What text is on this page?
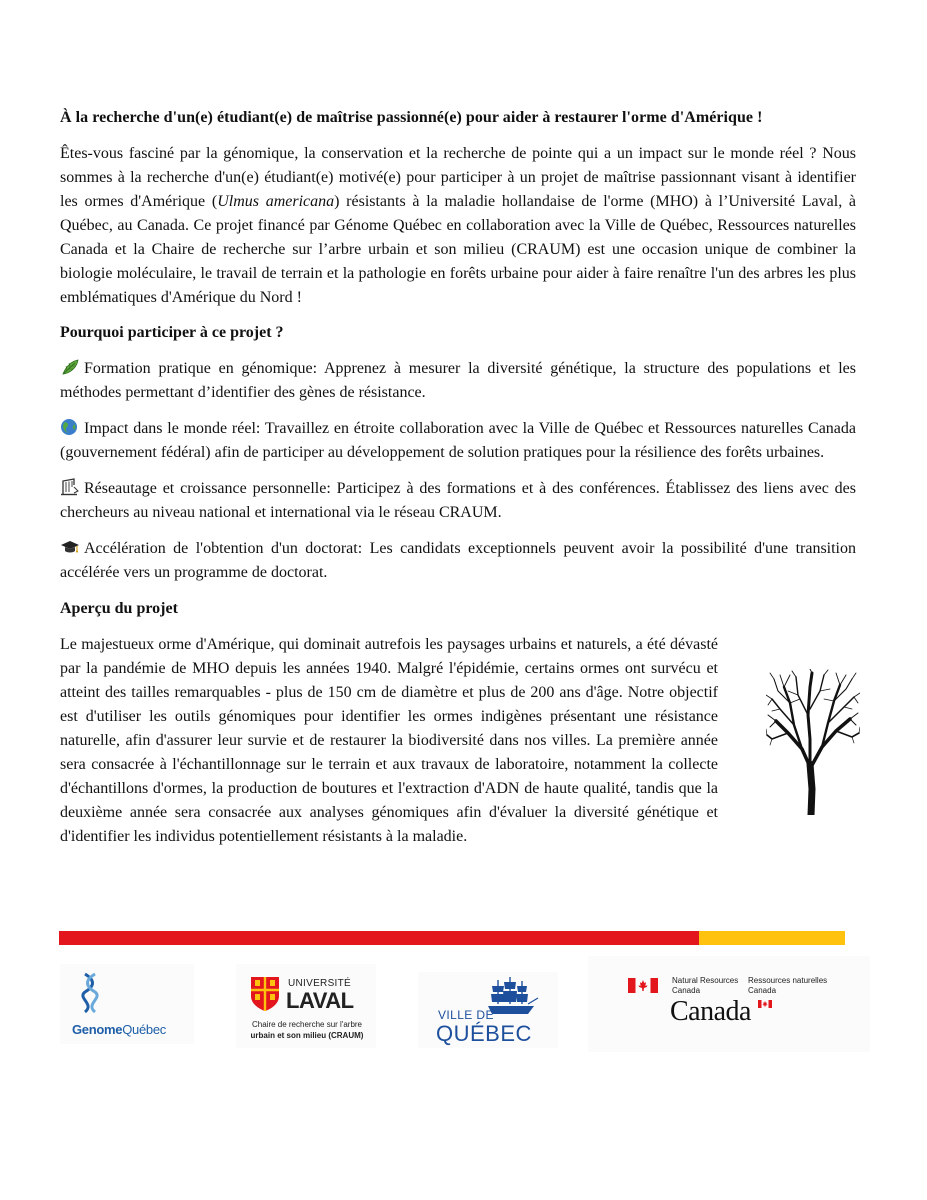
À la recherche d'un(e) étudiant(e) de maîtrise passionné(e) pour aider à restaurer l'orme d'Amérique !

Êtes-vous fasciné par la génomique, la conservation et la recherche de pointe qui a un impact sur le monde réel ? Nous sommes à la recherche d'un(e) étudiant(e) motivé(e) pour participer à un projet de maîtrise passionnant visant à identifier les ormes d'Amérique (Ulmus americana) résistants à la maladie hollandaise de l'orme (MHO) à l’Université Laval, à Québec, au Canada. Ce projet financé par Génome Québec en collaboration avec la Ville de Québec, Ressources naturelles Canada et la Chaire de recherche sur l’arbre urbain et son milieu (CRAUM) est une occasion unique de combiner la biologie moléculaire, le travail de terrain et la pathologie en forêts urbaine pour aider à faire renaître l'un des arbres les plus emblématiques d'Amérique du Nord !

Pourquoi participer à ce projet ?

Formation pratique en génomique: Apprenez à mesurer la diversité génétique, la structure des populations et les méthodes permettant d’identifier des gènes de résistance.

Impact dans le monde réel: Travaillez en étroite collaboration avec la Ville de Québec et Ressources naturelles Canada (gouvernement fédéral) afin de participer au développement de solution pratiques pour la résilience des forêts urbaines.

Réseautage et croissance personnelle: Participez à des formations et à des conférences. Établissez des liens avec des chercheurs au niveau national et international via le réseau CRAUM.

Accélération de l'obtention d'un doctorat: Les candidats exceptionnels peuvent avoir la possibilité d'une transition accélérée vers un programme de doctorat.

Aperçu du projet

Le majestueux orme d'Amérique, qui dominait autrefois les paysages urbains et naturels, a été dévasté par la pandémie de MHO depuis les années 1940. Malgré l'épidémie, certains ormes ont survécu et atteint des tailles remarquables - plus de 150 cm de diamètre et plus de 200 ans d'âge. Notre objectif est d'utiliser les outils génomiques pour identifier les ormes indigènes présentant une résistance naturelle, afin d'assurer leur survie et de restaurer la biodiversité dans nos villes. La première année sera consacrée à l'échantillonnage sur le terrain et aux travaux de laboratoire, notamment la collecte d'échantillons d'ormes, la production de boutures et l'extraction d'ADN de haute qualité, tandis que la deuxième année sera consacrée aux analyses génomiques afin d'évaluer la diversité génétique et d'identifier les individus potentiellement résistants à la maladie.

GenomeQuébec
UNIVERSITÉ
LAVAL
Chaire de recherche sur l'arbre
urbain et son milieu (CRAUM)
VILLE DE
QUÉBEC
Natural Resources
Canada
Ressources naturelles
Canada
Canada
